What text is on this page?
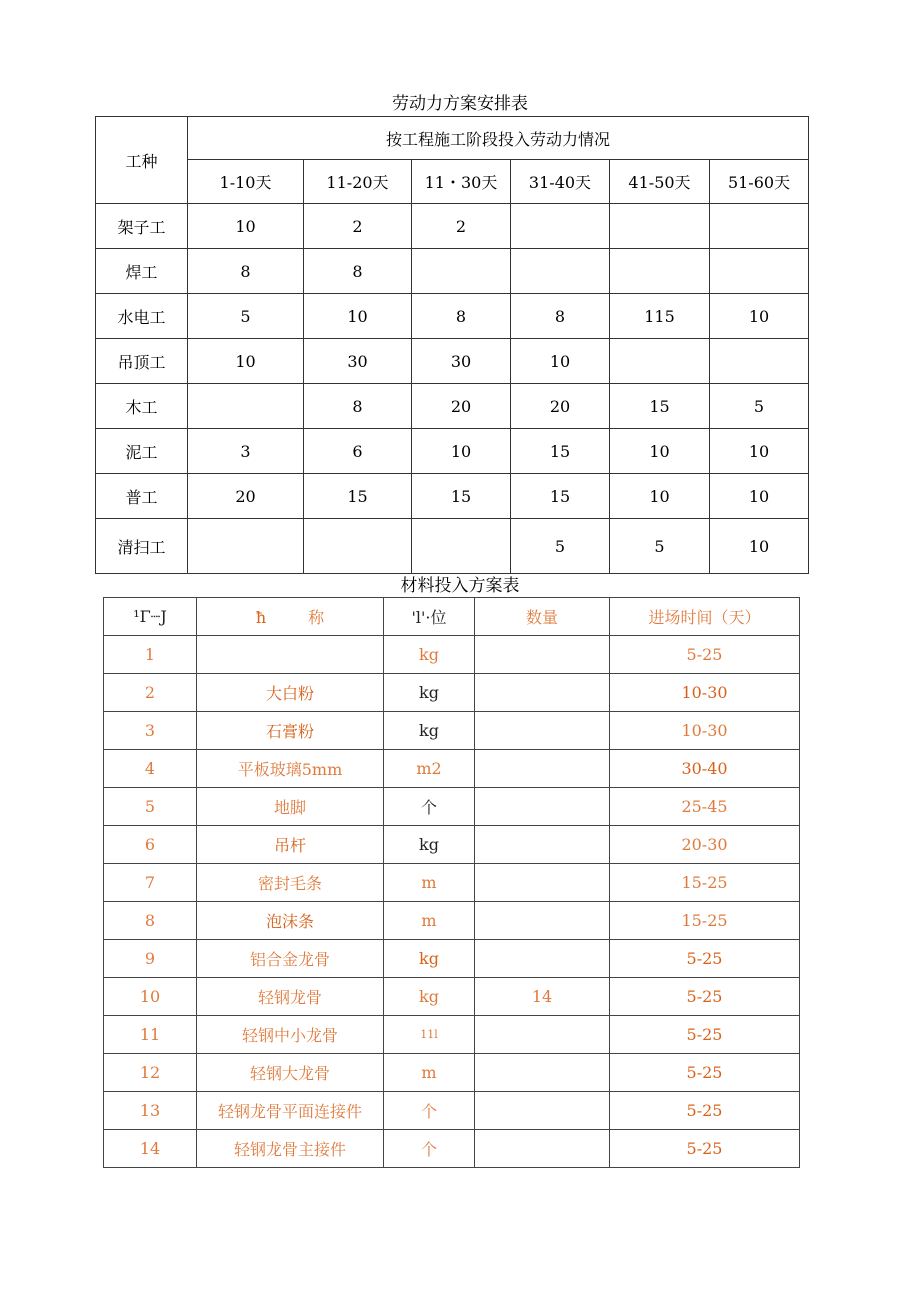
劳动力方案安排表
工种	按工程施工阶段投入劳动力情况					
	1-10天	11-20天	11・30天	31-40天	41-50天	51-60天
架子工	10	2	2			
焊工	8	8				
水电工	5	10	8	8	115	10
吊顶工	10	30	30	10		
木工		8	20	20	15	5
泥工	3	6	10	15	10	10
普工	20	15	15	15	10	10
清扫工				5	5	10
材料投入方案表
¹Γ┈J	ħ 称	'l'·位	数量	进场时间（天）
1		kg		5-25
2	大白粉	kg		10-30
3	石膏粉	kg		10-30
4	平板玻璃5mm	m2		30-40
5	地脚	个		25-45
6	吊杆	kg		20-30
7	密封毛条	m		15-25
8	泡沫条	m		15-25
9	铝合金龙骨	kg		5-25
10	轻钢龙骨	kg	14	5-25
11	轻钢中小龙骨	11l		5-25
12	轻钢大龙骨	m		5-25
13	轻钢龙骨平面连接件	个		5-25
14	轻钢龙骨主接件	个		5-25
